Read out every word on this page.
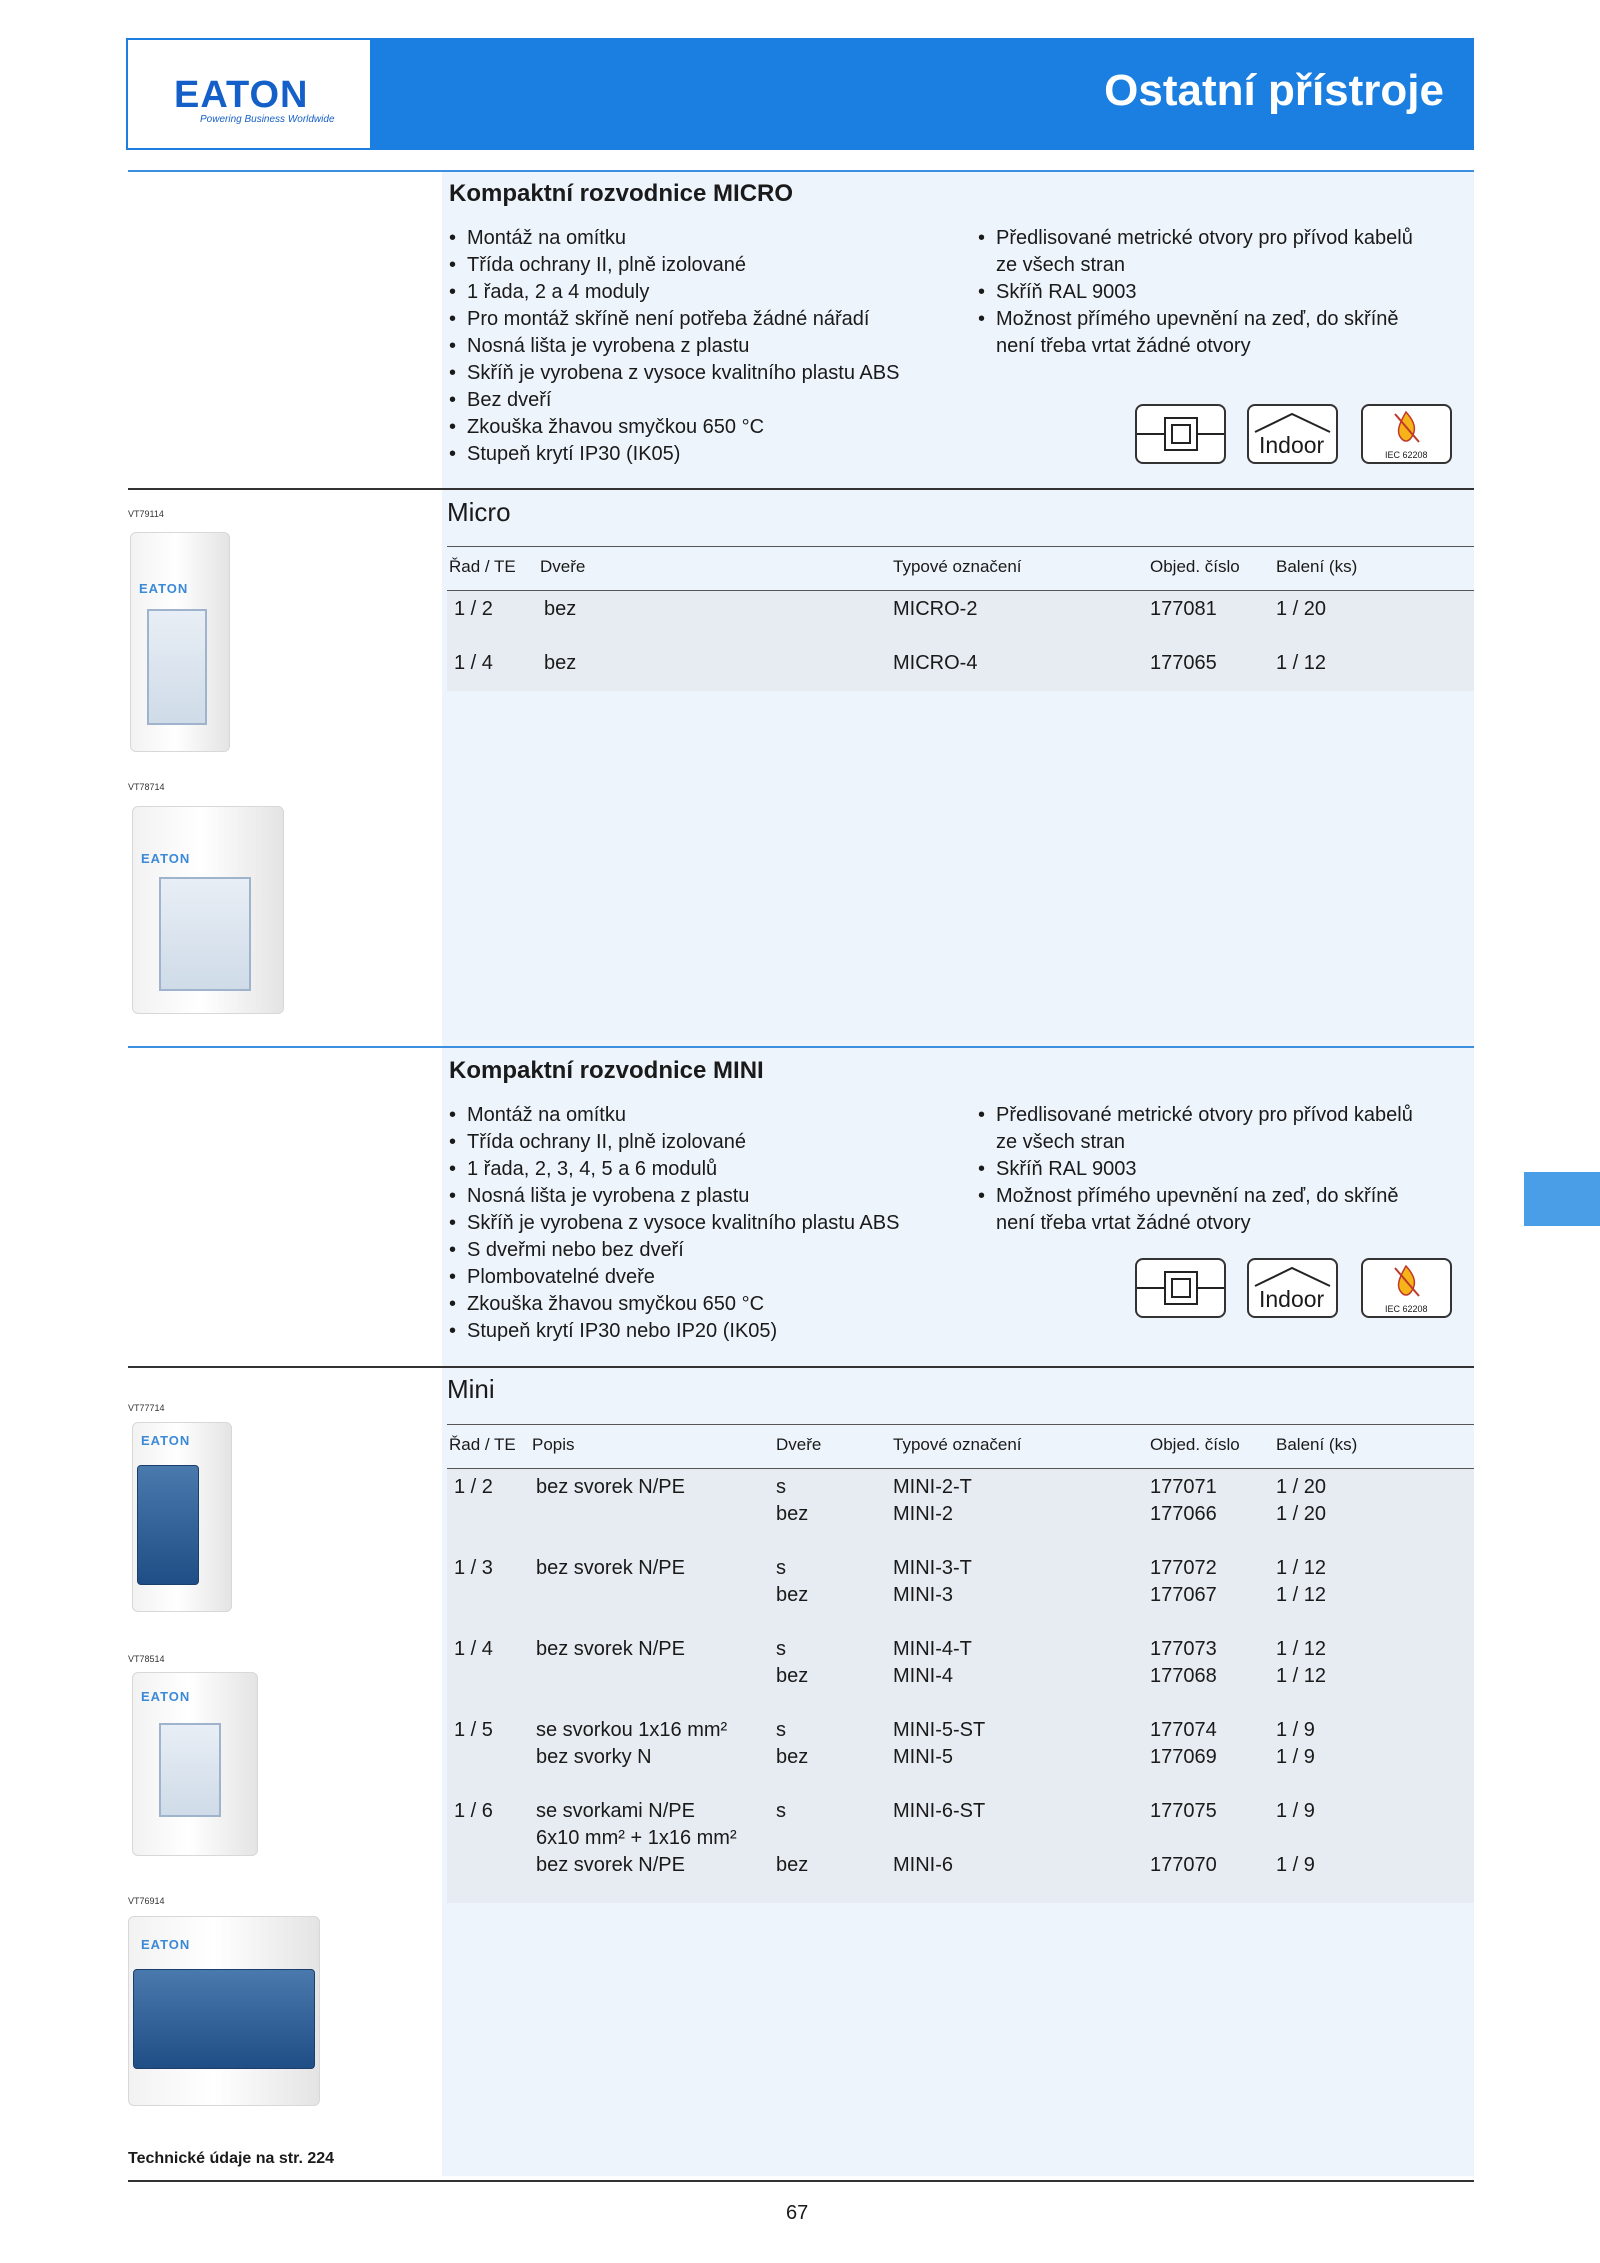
EATON
Powering Business Worldwide
Ostatní přístroje
Kompaktní rozvodnice MICRO
• Montáž na omítku
• Třída ochrany II, plně izolované
• 1 řada, 2 a 4 moduly
• Pro montáž skříně není potřeba žádné nářadí
• Nosná lišta je vyrobena z plastu
• Skříň je vyrobena z vysoce kvalitního plastu ABS
• Bez dveří
• Zkouška žhavou smyčkou 650 °C
• Stupeň krytí IP30 (IK05)
• Předlisované metrické otvory pro přívod kabelů
ze všech stran
• Skříň RAL 9003
• Možnost přímého upevnění na zeď, do skříně
není třeba vrtat žádné otvory
Indoor	IEC 62208
Micro
Řad / TE Dveře	Typové označení	Objed. číslo Balení (ks)
1 / 2	bez	MICRO-2	177081	1 / 20
1 / 4	bez	MICRO-4	177065	1 / 12
VT79114
EATON
VT78714
EATON
Kompaktní rozvodnice MINI
• Montáž na omítku
• Třída ochrany II, plně izolované
• 1 řada, 2, 3, 4, 5 a 6 modulů
• Nosná lišta je vyrobena z plastu
• Skříň je vyrobena z vysoce kvalitního plastu ABS
• S dveřmi nebo bez dveří
• Plombovatelné dveře
• Zkouška žhavou smyčkou 650 °C
• Stupeň krytí IP30 nebo IP20 (IK05)
• Předlisované metrické otvory pro přívod kabelů
ze všech stran
• Skříň RAL 9003
• Možnost přímého upevnění na zeď, do skříně
není třeba vrtat žádné otvory
Indoor	IEC 62208
Mini
Řad / TE Popis	Dveře	Typové označení	Objed. číslo Balení (ks)
1 / 2 bez svorek N/PE	s	MINI-2-T	177071	1 / 20
bez	MINI-2	177066	1 / 20
1 / 3 bez svorek N/PE	s	MINI-3-T	177072	1 / 12
bez	MINI-3	177067	1 / 12
1 / 4 bez svorek N/PE	s	MINI-4-T	177073	1 / 12
bez	MINI-4	177068	1 / 12
1 / 5 se svorkou 1x16 mm² s	MINI-5-ST	177074	1 / 9
bez svorky N	bez	MINI-5	177069	1 / 9
1 / 6 se svorkami N/PE	s	MINI-6-ST	177075	1 / 9
6x10 mm² + 1x16 mm²
bez svorek N/PE	bez	MINI-6	177070	1 / 9
VT77714
EATON
VT78514
EATON
VT76914
EATON
Technické údaje na str. 224
67
